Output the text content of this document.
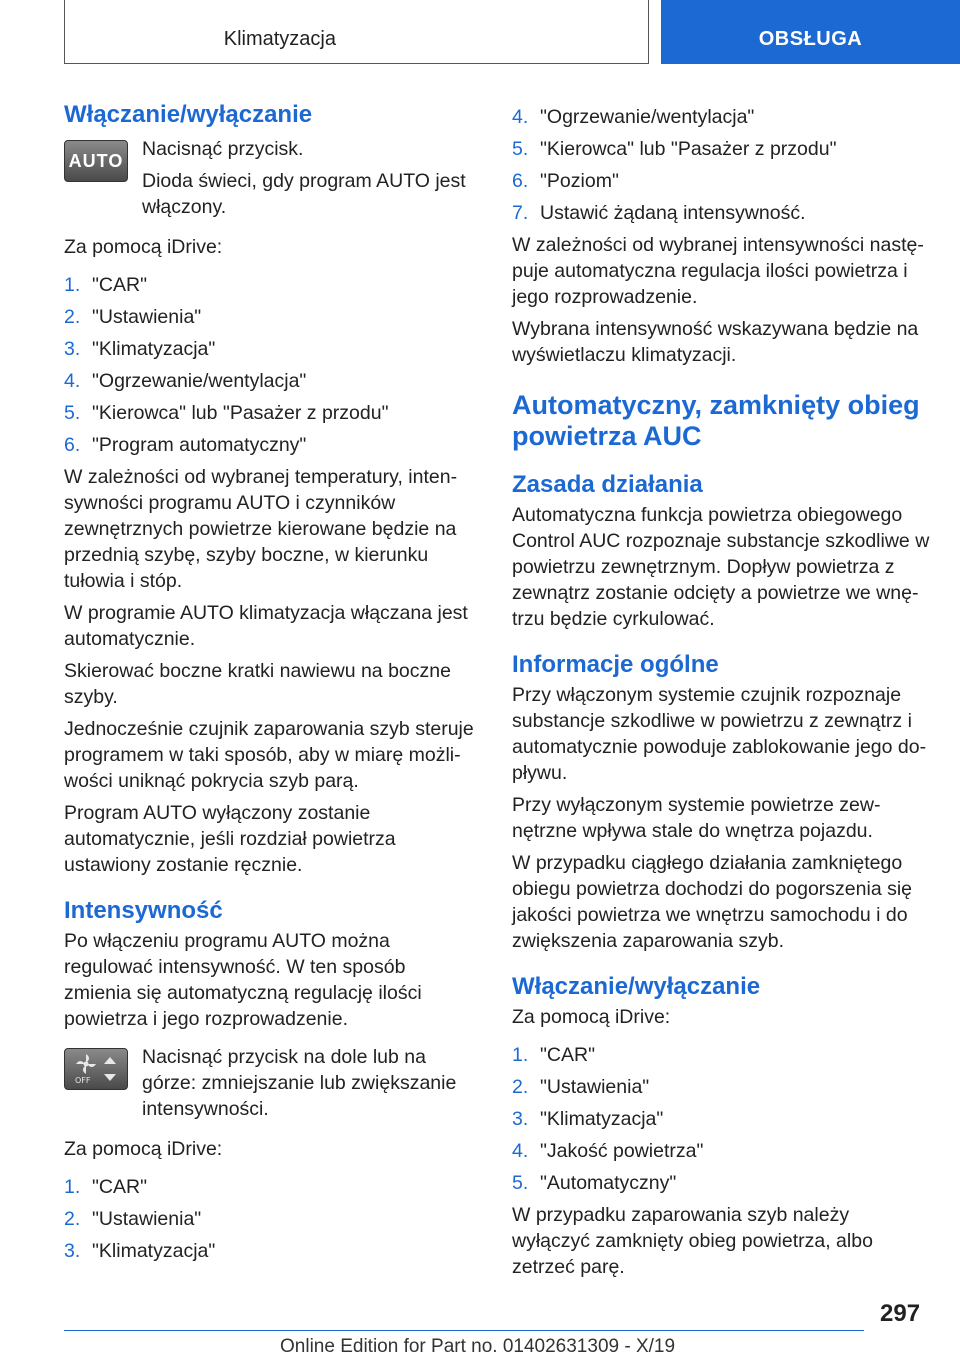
Klimatyzacja	OBSŁUGA
Włączanie/wyłączanie
AUTO
Nacisnąć przycisk.
Dioda świeci, gdy program AUTO jest włączony.

Za pomocą iDrive:

1. "CAR"
2. "Ustawienia"
3. "Klimatyzacja"
4. "Ogrzewanie/wentylacja"
5. "Kierowca" lub "Pasażer z przodu"
6. "Program automatyczny"

W zależności od wybranej temperatury, intensywności programu AUTO i czynników zewnętrznych powietrze kierowane będzie na przednią szybę, szyby boczne, w kierunku tułowia i stóp.

W programie AUTO klimatyzacja włączana jest automatycznie.

Skierować boczne kratki nawiewu na boczne szyby.

Jednocześnie czujnik zaparowania szyb steruje programem w taki sposób, aby w miarę możliwości uniknąć pokrycia szyb parą.

Program AUTO wyłączony zostanie automatycznie, jeśli rozdział powietrza ustawiony zostanie ręcznie.

Intensywność

Po włączeniu programu AUTO można regulować intensywność. W ten sposób zmienia się automatyczną regulację ilości powietrza i jego rozprowadzenie.

OFF
Nacisnąć przycisk na dole lub na górze: zmniejszanie lub zwiększanie intensywności.

Za pomocą iDrive:

1. "CAR"
2. "Ustawienia"
3. "Klimatyzacja"
4. "Ogrzewanie/wentylacja"
5. "Kierowca" lub "Pasażer z przodu"
6. "Poziom"
7. Ustawić żądaną intensywność.

W zależności od wybranej intensywności następuje automatyczna regulacja ilości powietrza i jego rozprowadzenie.

Wybrana intensywność wskazywana będzie na wyświetlaczu klimatyzacji.

Automatyczny, zamknięty obieg powietrza AUC
Zasada działania

Automatyczna funkcja powietrza obiegowego Control AUC rozpoznaje substancje szkodliwe w powietrzu zewnętrznym. Dopływ powietrza z zewnątrz zostanie odcięty a powietrze we wnętrzu będzie cyrkulować.

Informacje ogólne

Przy włączonym systemie czujnik rozpoznaje substancje szkodliwe w powietrzu z zewnątrz i automatycznie powoduje zablokowanie jego dopływu.

Przy wyłączonym systemie powietrze zewnętrzne wpływa stale do wnętrza pojazdu.

W przypadku ciągłego działania zamkniętego obiegu powietrza dochodzi do pogorszenia się jakości powietrza we wnętrzu samochodu i do zwiększenia zaparowania szyb.

Włączanie/wyłączanie

Za pomocą iDrive:

1. "CAR"
2. "Ustawienia"
3. "Klimatyzacja"
4. "Jakość powietrza"
5. "Automatyczny"

W przypadku zaparowania szyb należy wyłączyć zamknięty obieg powietrza, albo zetrzeć parę.

297
Online Edition for Part no. 01402631309 - X/19
